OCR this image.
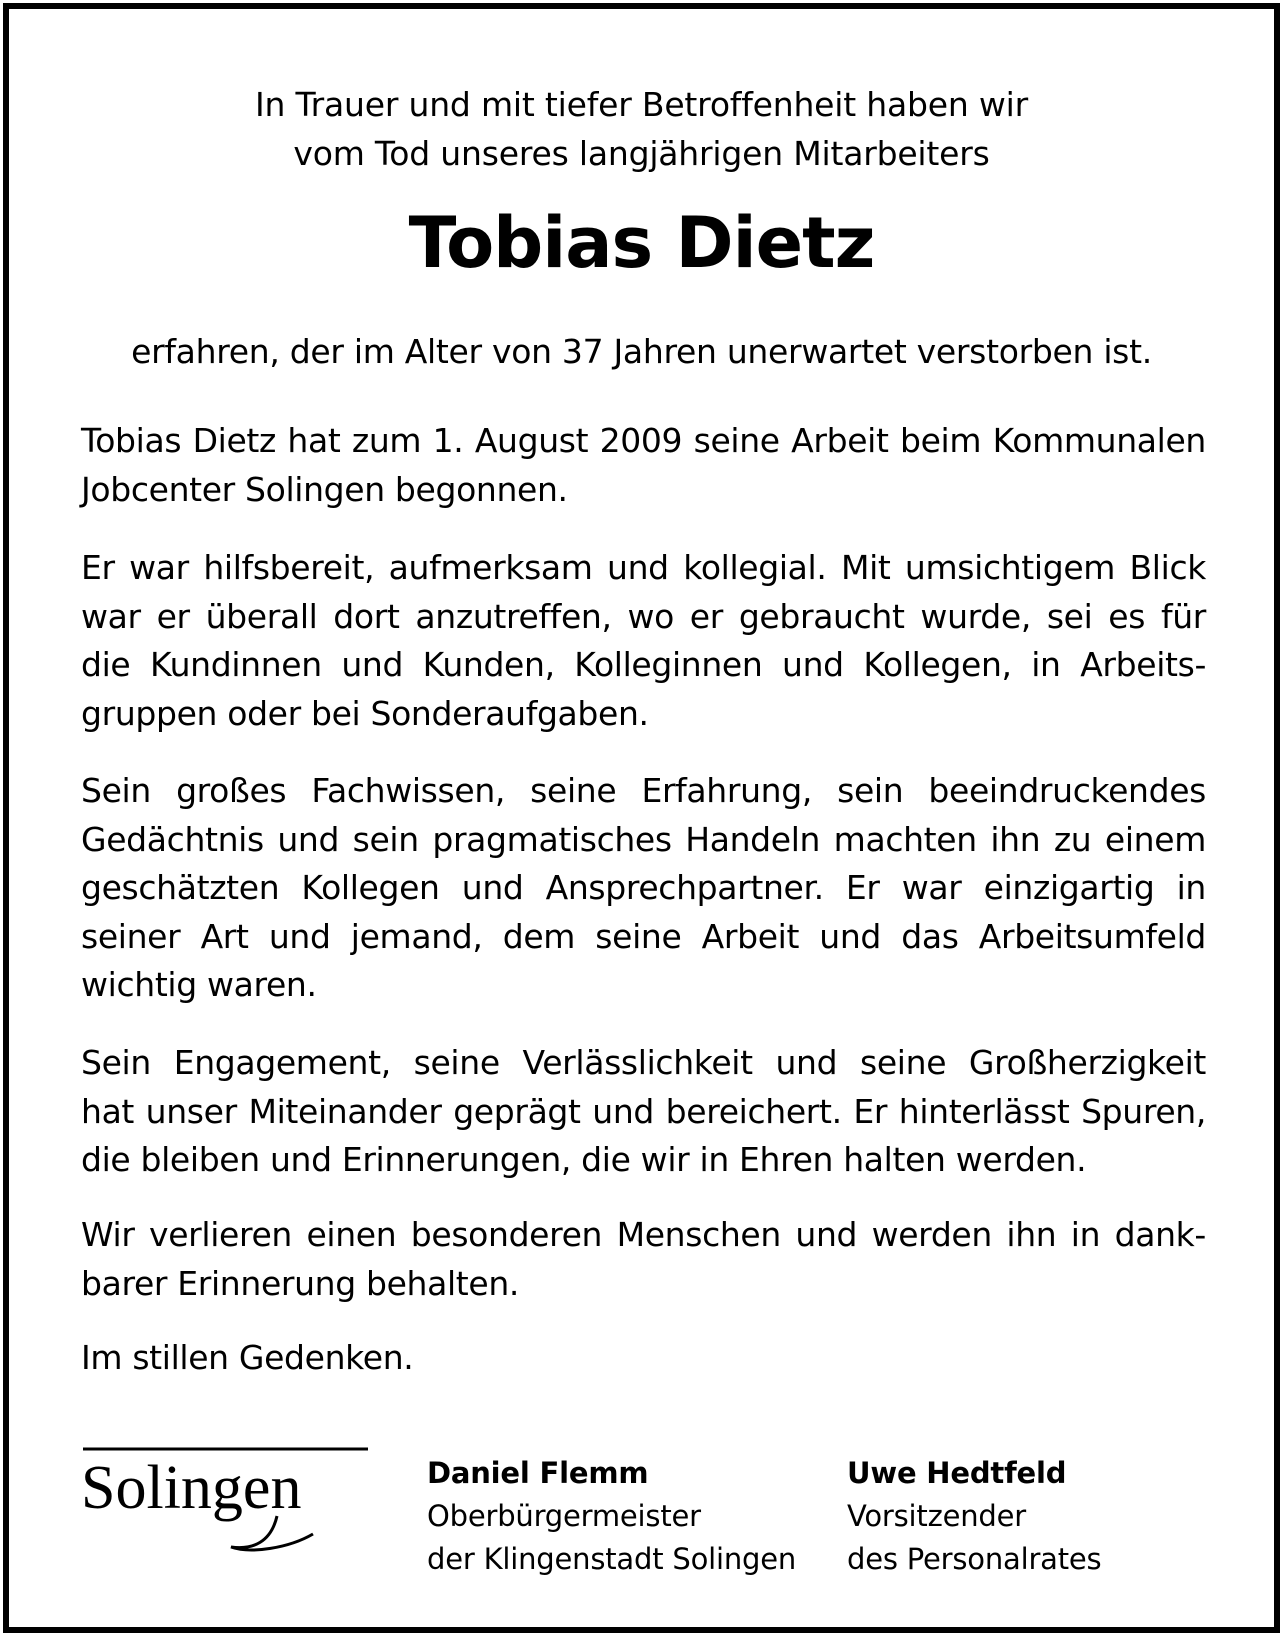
In Trauer und mit tiefer Betroffenheit haben wir
vom Tod unseres langjährigen Mitarbeiters
Tobias Dietz
erfahren, der im Alter von 37 Jahren unerwartet verstorben ist.
Tobias Dietz hat zum 1. August 2009 seine Arbeit beim Kommunalen
Jobcenter Solingen begonnen.
Er war hilfsbereit, aufmerksam und kollegial. Mit umsichtigem Blick
war er überall dort anzutreffen, wo er gebraucht wurde, sei es für
die Kundinnen und Kunden, Kolleginnen und Kollegen, in Arbeits-
gruppen oder bei Sonderaufgaben.
Sein großes Fachwissen, seine Erfahrung, sein beeindruckendes
Gedächtnis und sein pragmatisches Handeln machten ihn zu einem
geschätzten Kollegen und Ansprechpartner. Er war einzigartig in
seiner Art und jemand, dem seine Arbeit und das Arbeitsumfeld
wichtig waren.
Sein Engagement, seine Verlässlichkeit und seine Großherzigkeit
hat unser Miteinander geprägt und bereichert. Er hinterlässt Spuren,
die bleiben und Erinnerungen, die wir in Ehren halten werden.
Wir verlieren einen besonderen Menschen und werden ihn in dank-
barer Erinnerung behalten.
Im stillen Gedenken.
Solingen	Daniel Flemm
Oberbürgermeister
der Klingenstadt Solingen
Uwe Hedtfeld
Vorsitzender
des Personalrates
